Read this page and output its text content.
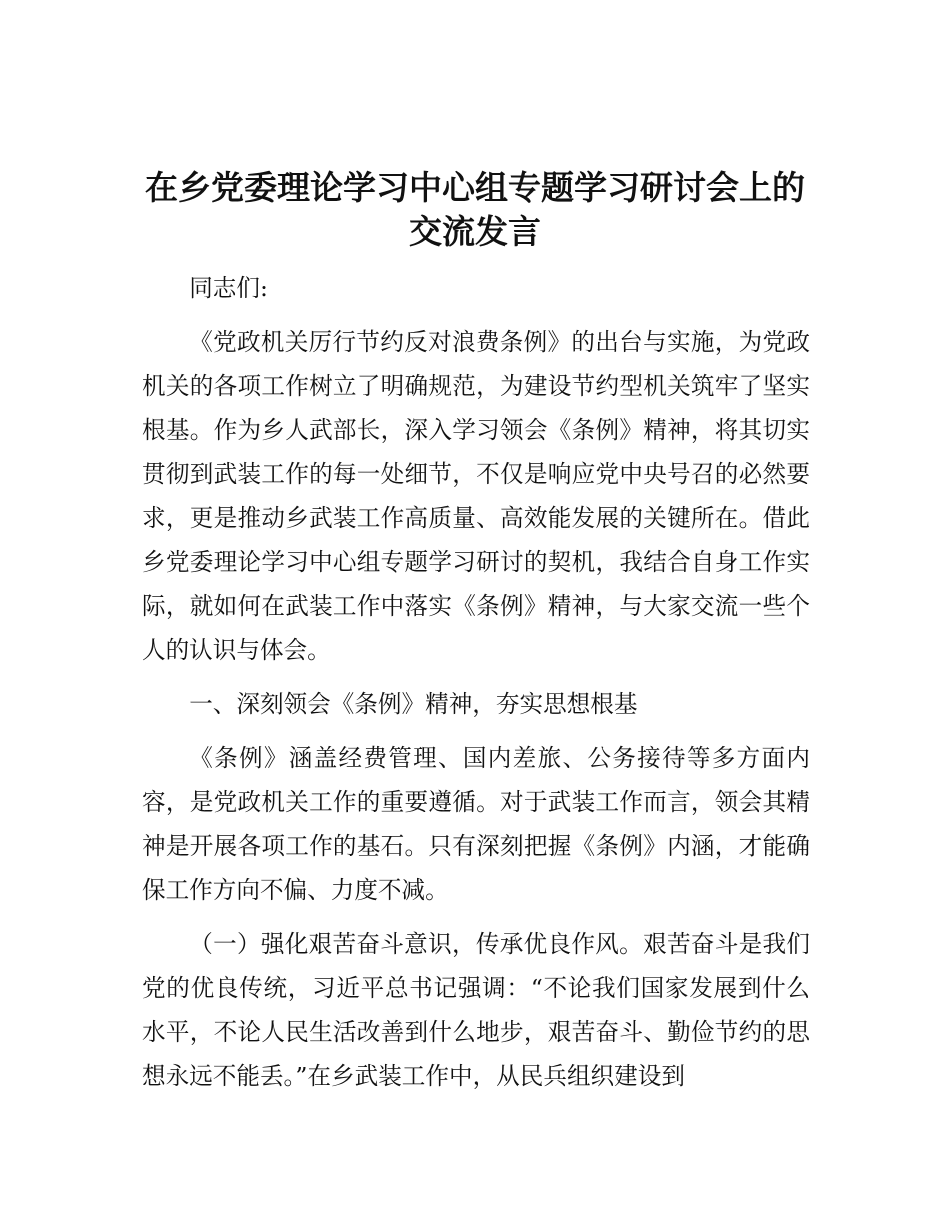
在乡党委理论学习中心组专题学习研讨会上的
交流发言

同志们:

《党政机关厉行节约反对浪费条例》的出台与实施，为党政机关的各项工作树立了明确规范，为建设节约型机关筑牢了坚实根基。作为乡人武部长，深入学习领会《条例》精神，将其切实贯彻到武装工作的每一处细节，不仅是响应党中央号召的必然要求，更是推动乡武装工作高质量、高效能发展的关键所在。借此乡党委理论学习中心组专题学习研讨的契机，我结合自身工作实际，就如何在武装工作中落实《条例》精神，与大家交流一些个人的认识与体会。

一、深刻领会《条例》精神，夯实思想根基

《条例》涵盖经费管理、国内差旅、公务接待等多方面内容，是党政机关工作的重要遵循。对于武装工作而言，领会其精神是开展各项工作的基石。只有深刻把握《条例》内涵，才能确保工作方向不偏、力度不减。

（一）强化艰苦奋斗意识，传承优良作风。艰苦奋斗是我们党的优良传统，习近平总书记强调：“不论我们国家发展到什么水平，不论人民生活改善到什么地步，艰苦奋斗、勤俭节约的思想永远不能丢。”在乡武装工作中，从民兵组织建设到
